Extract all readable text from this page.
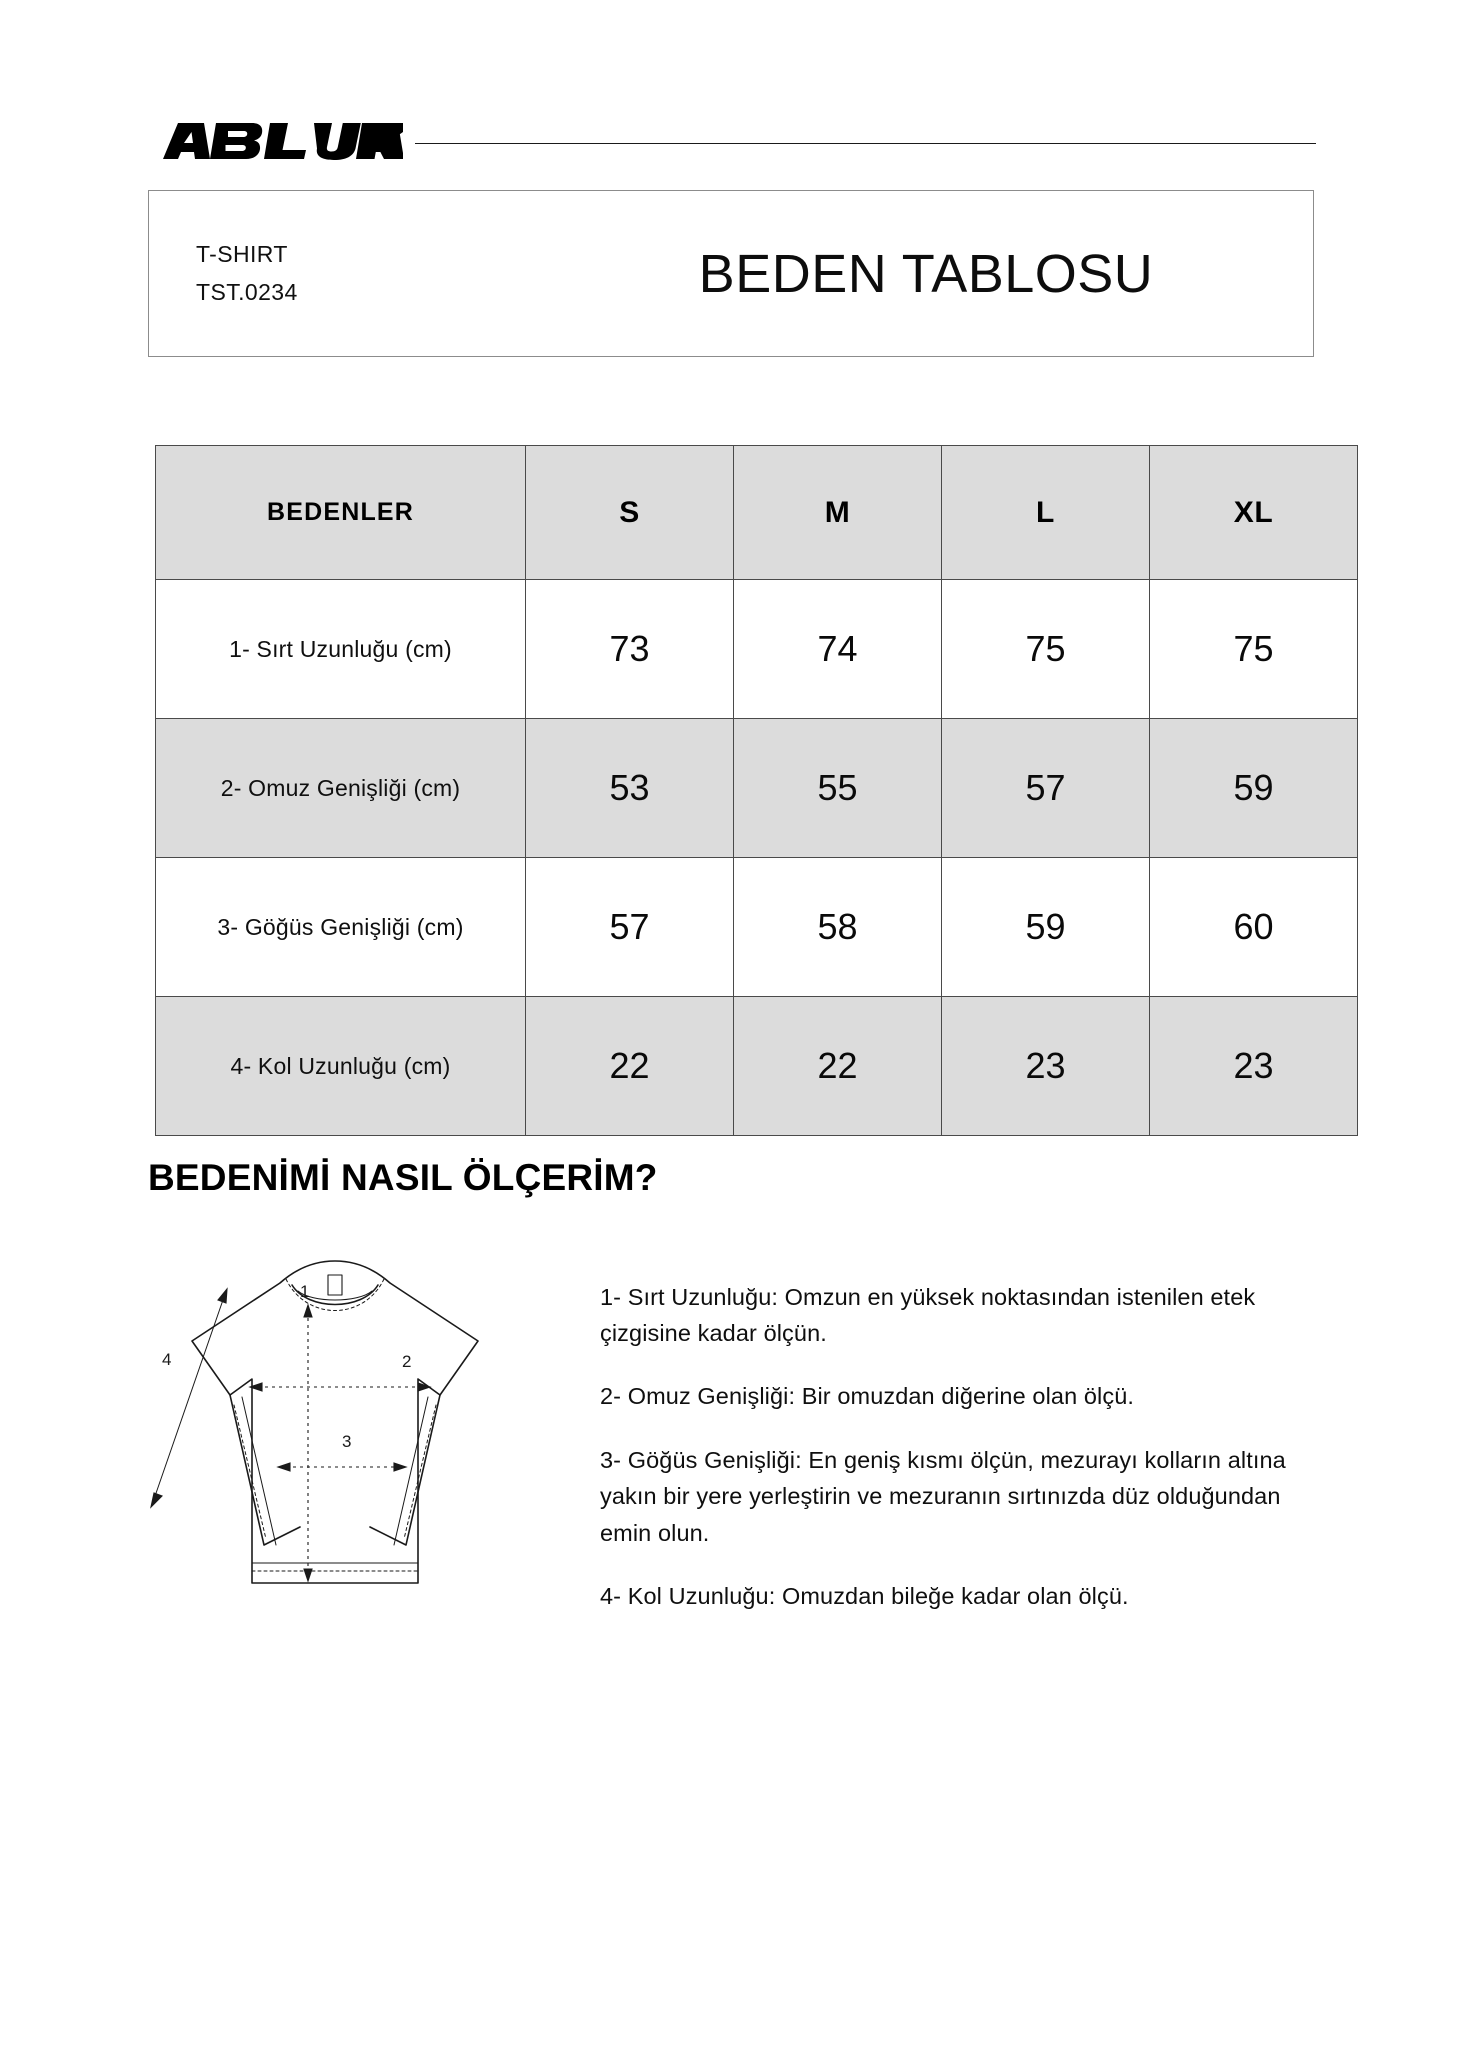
T-SHIRT
TST.0234	BEDEN TABLOSU
BEDENLER	S	M	L	XL
1- Sırt Uzunluğu (cm)	73	74	75	75
2- Omuz Genişliği (cm)	53	55	57	59
3- Göğüs Genişliği (cm)	57	58	59	60
4- Kol Uzunluğu (cm)	22	22	23	23
BEDENİMİ NASIL ÖLÇERİM?
1
2
3
4

1- Sırt Uzunluğu: Omzun en yüksek noktasından istenilen etek çizgisine kadar ölçün.

2- Omuz Genişliği: Bir omuzdan diğerine olan ölçü.

3- Göğüs Genişliği: En geniş kısmı ölçün, mezurayı kolların altına yakın bir yere yerleştirin ve mezuranın sırtınızda düz olduğundan emin olun.

4- Kol Uzunluğu: Omuzdan bileğe kadar olan ölçü.
